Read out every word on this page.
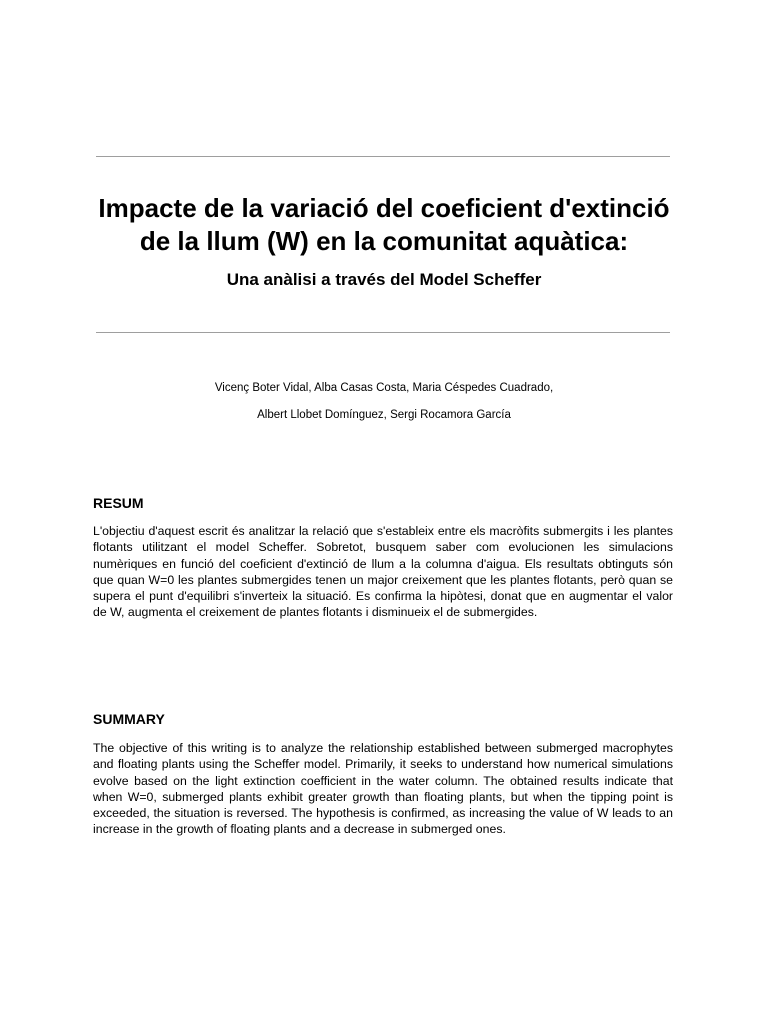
Impacte de la variació del coeficient d'extinció
de la llum (W) en la comunitat aquàtica:
Una anàlisi a través del Model Scheffer
Vicenç Boter Vidal, Alba Casas Costa, Maria Céspedes Cuadrado,
Albert Llobet Domínguez, Sergi Rocamora García
RESUM

L'objectiu d'aquest escrit és analitzar la relació que s'estableix entre els macròfits submergits i les plantes flotants utilitzant el model Scheffer. Sobretot, busquem saber com evolucionen les simulacions numèriques en funció del coeficient d'extinció de llum a la columna d'aigua. Els resultats obtinguts són que quan W=0 les plantes submergides tenen un major creixement que les plantes flotants, però quan se supera el punt d'equilibri s'inverteix la situació. Es confirma la hipòtesi, donat que en augmentar el valor de W, augmenta el creixement de plantes flotants i disminueix el de submergides.

SUMMARY

The objective of this writing is to analyze the relationship established between submerged macrophytes and floating plants using the Scheffer model. Primarily, it seeks to understand how numerical simulations evolve based on the light extinction coefficient in the water column. The obtained results indicate that when W=0, submerged plants exhibit greater growth than floating plants, but when the tipping point is exceeded, the situation is reversed. The hypothesis is confirmed, as increasing the value of W leads to an increase in the growth of floating plants and a decrease in submerged ones.
